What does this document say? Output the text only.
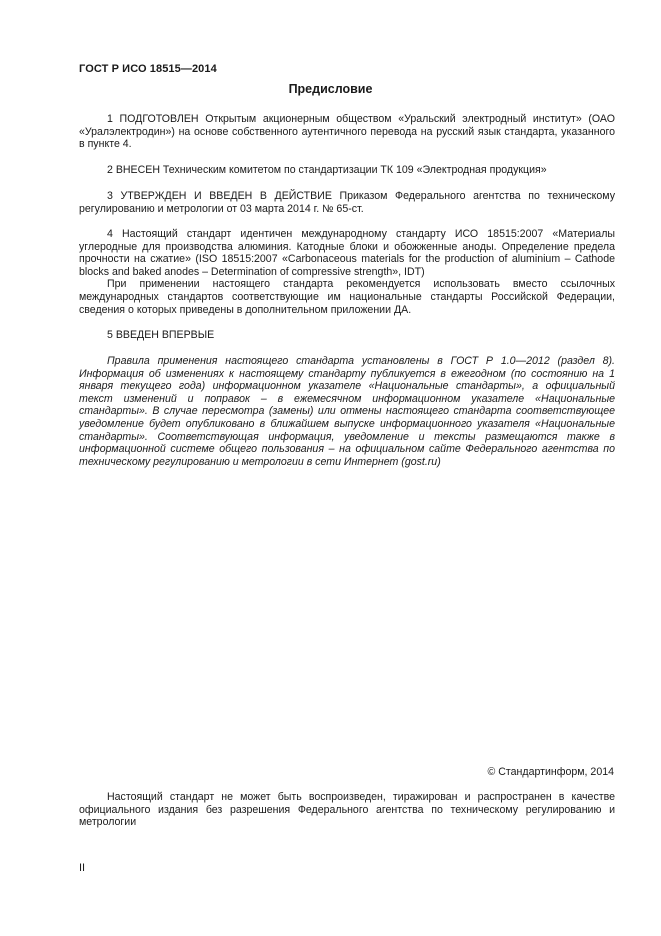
ГОСТ Р ИСО 18515—2014
Предисловие

1 ПОДГОТОВЛЕН Открытым акционерным обществом «Уральский электродный институт» (ОАО «Уралэлектродин») на основе собственного аутентичного перевода на русский язык стандарта, указанного в пункте 4.

2 ВНЕСЕН Техническим комитетом по стандартизации ТК 109 «Электродная продукция»

3 УТВЕРЖДЕН И ВВЕДЕН В ДЕЙСТВИЕ Приказом Федерального агентства по техническому регулированию и метрологии от 03 марта 2014 г. № 65-ст.

4 Настоящий стандарт идентичен международному стандарту ИСО 18515:2007 «Материалы углеродные для производства алюминия. Катодные блоки и обожженные аноды. Определение предела прочности на сжатие» (ISO 18515:2007 «Carbonaceous materials for the production of aluminium – Cathode blocks and baked anodes – Determination of compressive strength», IDT)

При применении настоящего стандарта рекомендуется использовать вместо ссылочных международных стандартов соответствующие им национальные стандарты Российской Федерации, сведения о которых приведены в дополнительном приложении ДА.

5 ВВЕДЕН ВПЕРВЫЕ

Правила применения настоящего стандарта установлены в ГОСТ Р 1.0—2012 (раздел 8). Информация об изменениях к настоящему стандарту публикуется в ежегодном (по состоянию на 1 января текущего года) информационном указателе «Национальные стандарты», а официальный текст изменений и поправок – в ежемесячном информационном указателе «Национальные стандарты». В случае пересмотра (замены) или отмены настоящего стандарта соответствующее уведомление будет опубликовано в ближайшем выпуске информационного указателя «Национальные стандарты». Соответствующая информация, уведомление и тексты размещаются также в информационной системе общего пользования – на официальном сайте Федерального агентства по техническому регулированию и метрологии в сети Интернет (gost.ru)

© Стандартинформ, 2014

Настоящий стандарт не может быть воспроизведен, тиражирован и распространен в качестве официального издания без разрешения Федерального агентства по техническому регулированию и метрологии

II
